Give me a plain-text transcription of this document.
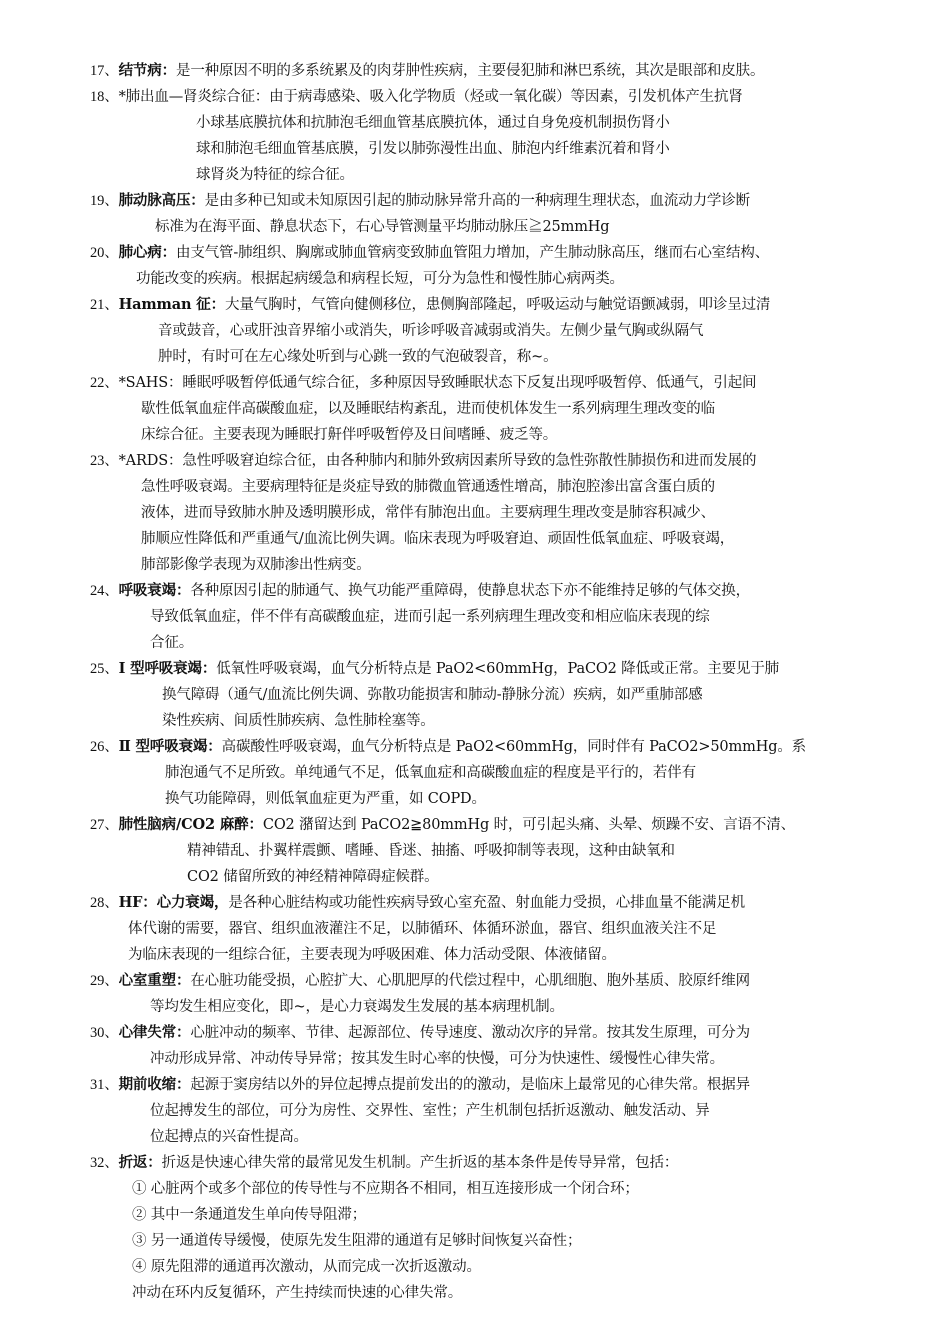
17、结节病：是一种原因不明的多系统累及的肉芽肿性疾病，主要侵犯肺和淋巴系统，其次是眼部和皮肤。
18、*肺出血—肾炎综合征：由于病毒感染、吸入化学物质（烃或一氧化碳）等因素，引发机体产生抗肾
小球基底膜抗体和抗肺泡毛细血管基底膜抗体，通过自身免疫机制损伤肾小
球和肺泡毛细血管基底膜，引发以肺弥漫性出血、肺泡内纤维素沉着和肾小
球肾炎为特征的综合征。
19、肺动脉高压：是由多种已知或未知原因引起的肺动脉异常升高的一种病理生理状态，血流动力学诊断
标准为在海平面、静息状态下，右心导管测量平均肺动脉压≧25mmHg
20、肺心病：由支气管-肺组织、胸廓或肺血管病变致肺血管阻力增加，产生肺动脉高压，继而右心室结构、
功能改变的疾病。根据起病缓急和病程长短，可分为急性和慢性肺心病两类。
21、Hamman 征：大量气胸时，气管向健侧移位，患侧胸部隆起，呼吸运动与触觉语颤减弱，叩诊呈过清
音或鼓音，心或肝浊音界缩小或消失，听诊呼吸音减弱或消失。左侧少量气胸或纵隔气
肿时，有时可在左心缘处听到与心跳一致的气泡破裂音，称~。
22、*SAHS：睡眠呼吸暂停低通气综合征，多种原因导致睡眠状态下反复出现呼吸暂停、低通气，引起间
歇性低氧血症伴高碳酸血症，以及睡眠结构紊乱，进而使机体发生一系列病理生理改变的临
床综合征。主要表现为睡眠打鼾伴呼吸暂停及日间嗜睡、疲乏等。
23、*ARDS：急性呼吸窘迫综合征，由各种肺内和肺外致病因素所导致的急性弥散性肺损伤和进而发展的
急性呼吸衰竭。主要病理特征是炎症导致的肺微血管通透性增高，肺泡腔渗出富含蛋白质的
液体，进而导致肺水肿及透明膜形成，常伴有肺泡出血。主要病理生理改变是肺容积减少、
肺顺应性降低和严重通气/血流比例失调。临床表现为呼吸窘迫、顽固性低氧血症、呼吸衰竭，
肺部影像学表现为双肺渗出性病变。
24、呼吸衰竭：各种原因引起的肺通气、换气功能严重障碍，使静息状态下亦不能维持足够的气体交换，
导致低氧血症，伴不伴有高碳酸血症，进而引起一系列病理生理改变和相应临床表现的综
合征。
25、I 型呼吸衰竭：低氧性呼吸衰竭，血气分析特点是 PaO2<60mmHg，PaCO2 降低或正常。主要见于肺
换气障碍（通气/血流比例失调、弥散功能损害和肺动-静脉分流）疾病，如严重肺部感
染性疾病、间质性肺疾病、急性肺栓塞等。
26、Ⅱ 型呼吸衰竭：高碳酸性呼吸衰竭，血气分析特点是 PaO2<60mmHg，同时伴有 PaCO2>50mmHg。系
肺泡通气不足所致。单纯通气不足，低氧血症和高碳酸血症的程度是平行的，若伴有
换气功能障碍，则低氧血症更为严重，如 COPD。
27、肺性脑病/CO2 麻醉：CO2 潴留达到 PaCO2≧80mmHg 时，可引起头痛、头晕、烦躁不安、言语不清、
精神错乱、扑翼样震颤、嗜睡、昏迷、抽搐、呼吸抑制等表现，这种由缺氧和
CO2 储留所致的神经精神障碍症候群。
28、HF：心力衰竭，是各种心脏结构或功能性疾病导致心室充盈、射血能力受损，心排血量不能满足机
体代谢的需要，器官、组织血液灌注不足，以肺循环、体循环淤血，器官、组织血液关注不足
为临床表现的一组综合征，主要表现为呼吸困难、体力活动受限、体液储留。
29、心室重塑：在心脏功能受损，心腔扩大、心肌肥厚的代偿过程中，心肌细胞、胞外基质、胶原纤维网
等均发生相应变化，即~，是心力衰竭发生发展的基本病理机制。
30、心律失常：心脏冲动的频率、节律、起源部位、传导速度、激动次序的异常。按其发生原理，可分为
冲动形成异常、冲动传导异常；按其发生时心率的快慢，可分为快速性、缓慢性心律失常。
31、期前收缩：起源于窦房结以外的异位起搏点提前发出的的激动，是临床上最常见的心律失常。根据异
位起搏发生的部位，可分为房性、交界性、室性；产生机制包括折返激动、触发活动、异
位起搏点的兴奋性提高。
32、折返：折返是快速心律失常的最常见发生机制。产生折返的基本条件是传导异常，包括：
① 心脏两个或多个部位的传导性与不应期各不相同，相互连接形成一个闭合环；
② 其中一条通道发生单向传导阻滞；
③ 另一通道传导缓慢，使原先发生阻滞的通道有足够时间恢复兴奋性；
④ 原先阻滞的通道再次激动，从而完成一次折返激动。
冲动在环内反复循环，产生持续而快速的心律失常。
